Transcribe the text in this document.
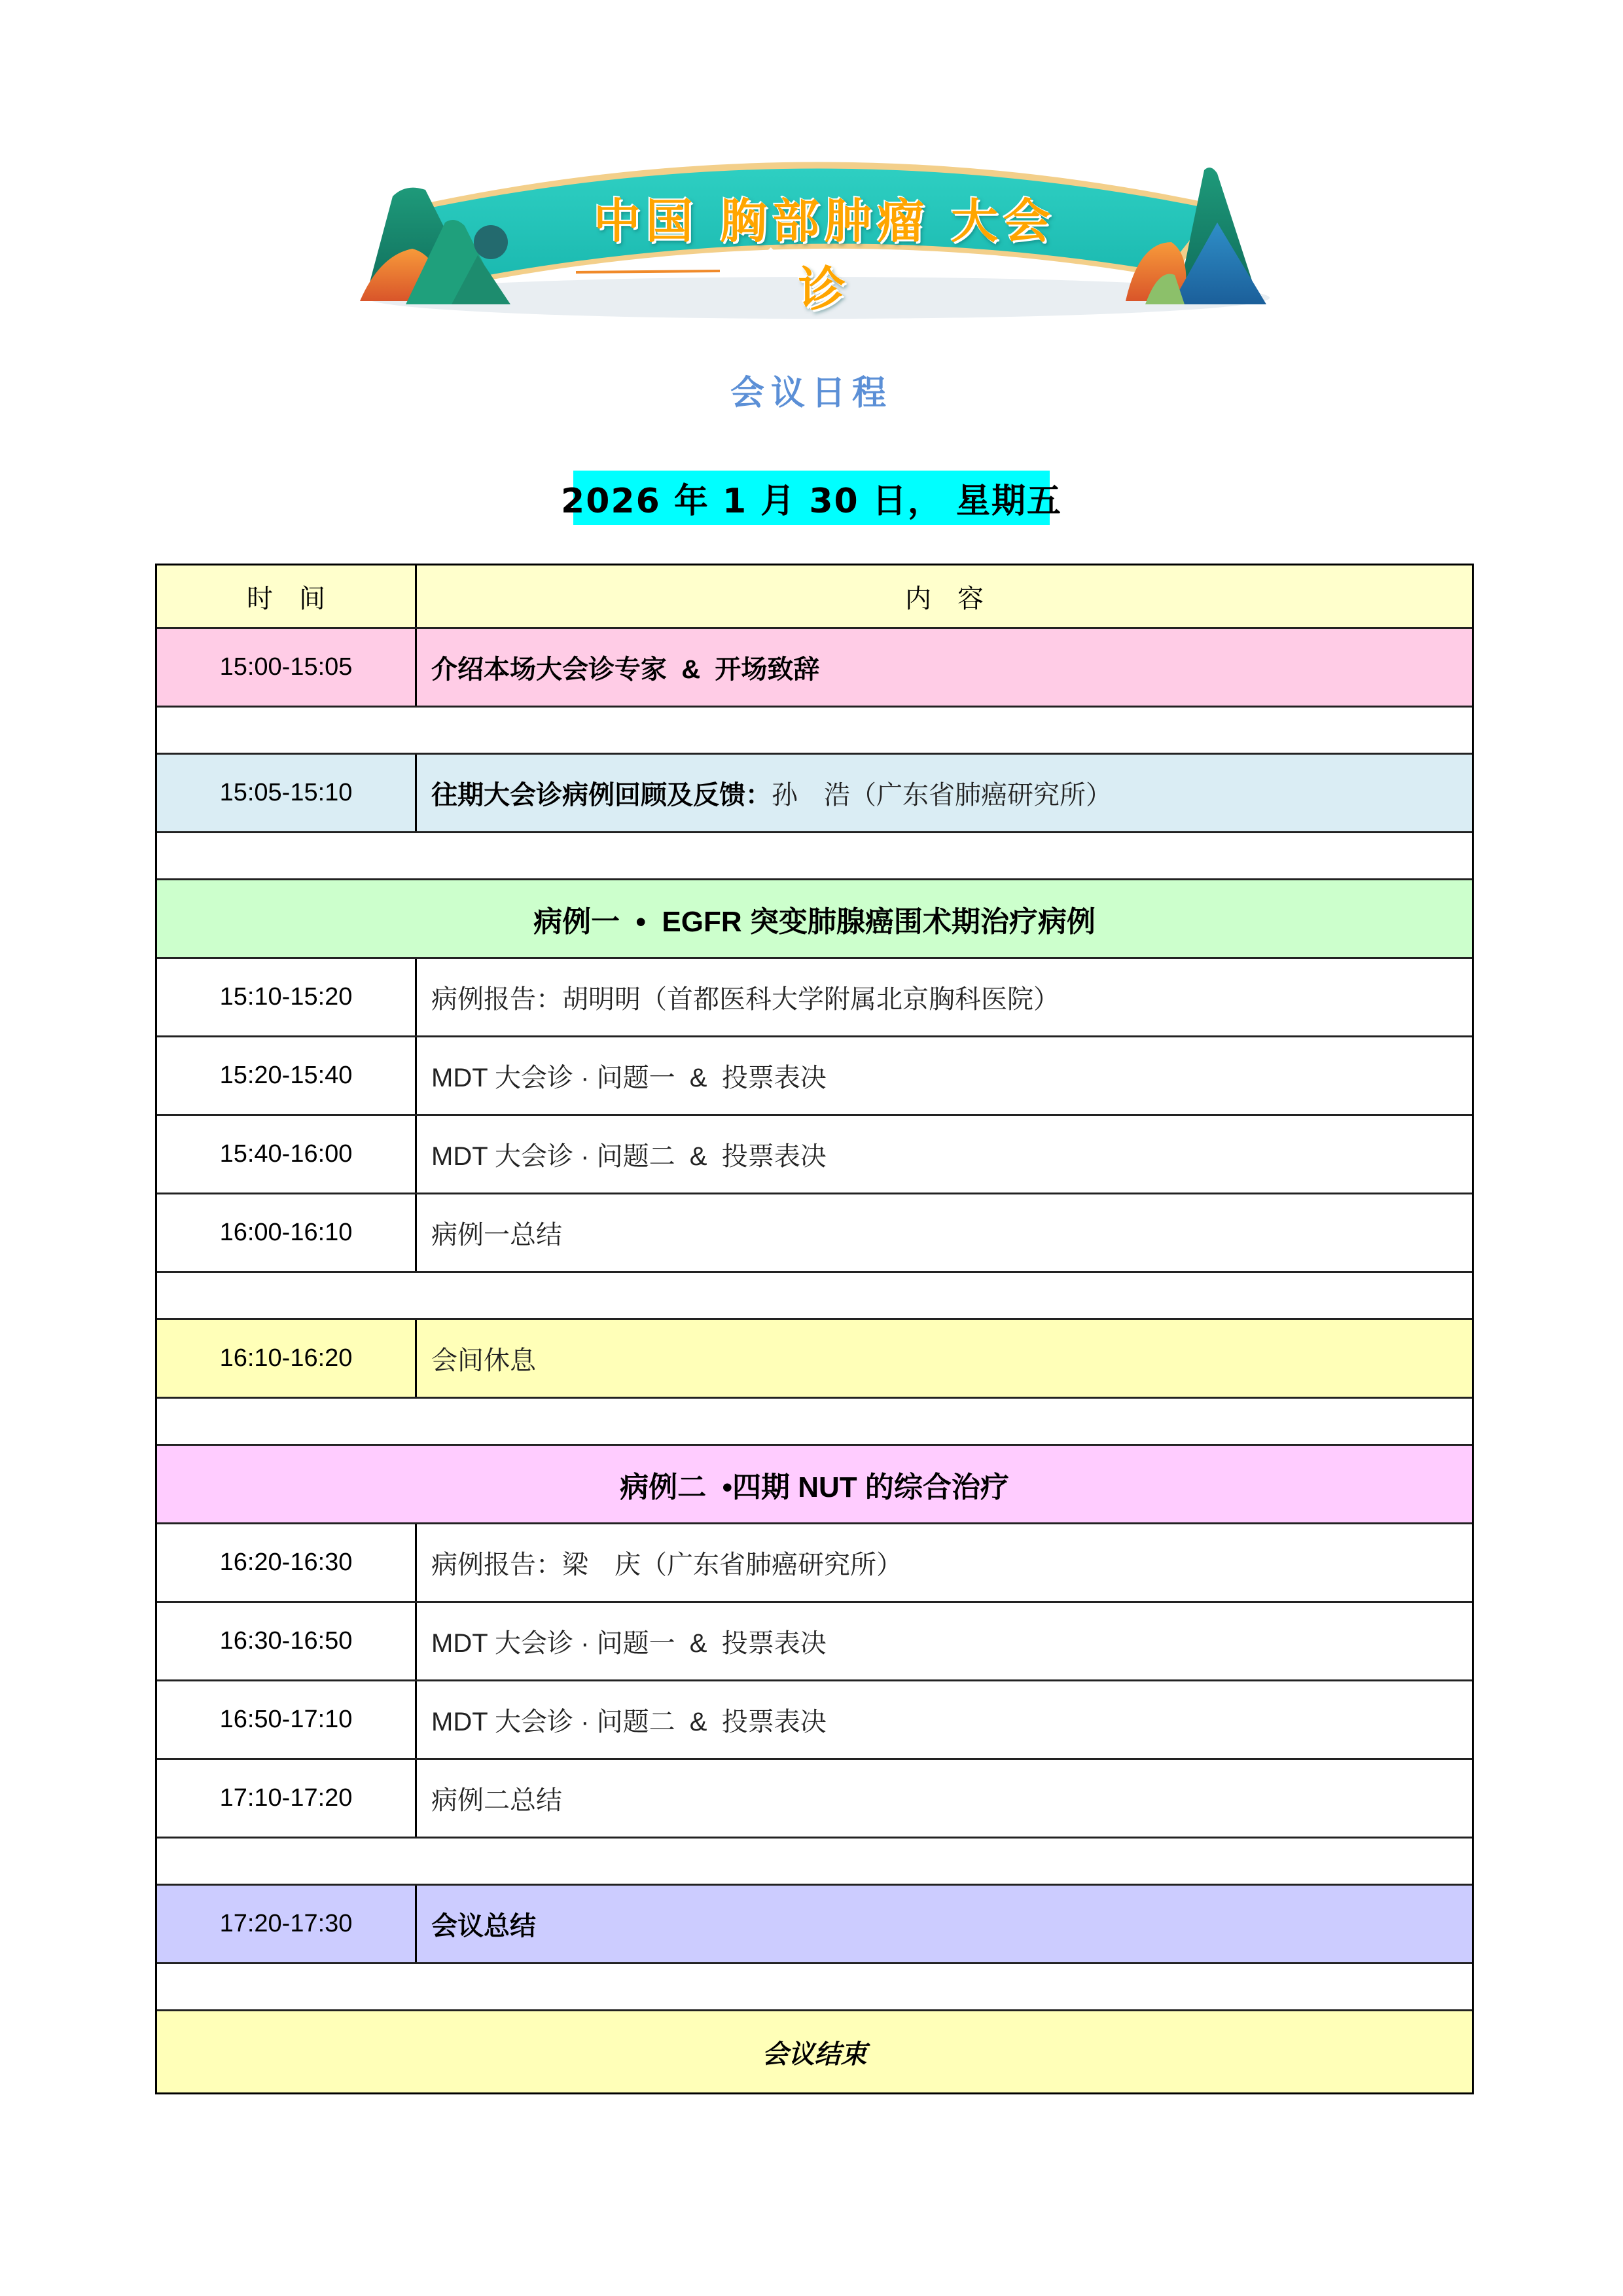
中国 胸部肿瘤 大会诊
会议日程
2026 年 1 月 30 日， 星期五
时　间	内　容
15:00-15:05	介绍本场大会诊专家  &  开场致辞
15:05-15:10	往期大会诊病例回顾及反馈： 孙　浩（广东省肺癌研究所）
病例一  •  EGFR 突变肺腺癌围术期治疗病例
15:10-15:20	病例报告：胡明明（首都医科大学附属北京胸科医院）
15:20-15:40	MDT 大会诊 · 问题一  &  投票表决
15:40-16:00	MDT 大会诊 · 问题二  &  投票表决
16:00-16:10	病例一总结
16:10-16:20	会间休息
病例二  •四期 NUT 的综合治疗
16:20-16:30	病例报告：梁　庆（广东省肺癌研究所）
16:30-16:50	MDT 大会诊 · 问题一  &  投票表决
16:50-17:10	MDT 大会诊 · 问题二  &  投票表决
17:10-17:20	病例二总结
17:20-17:30	会议总结
会议结束
